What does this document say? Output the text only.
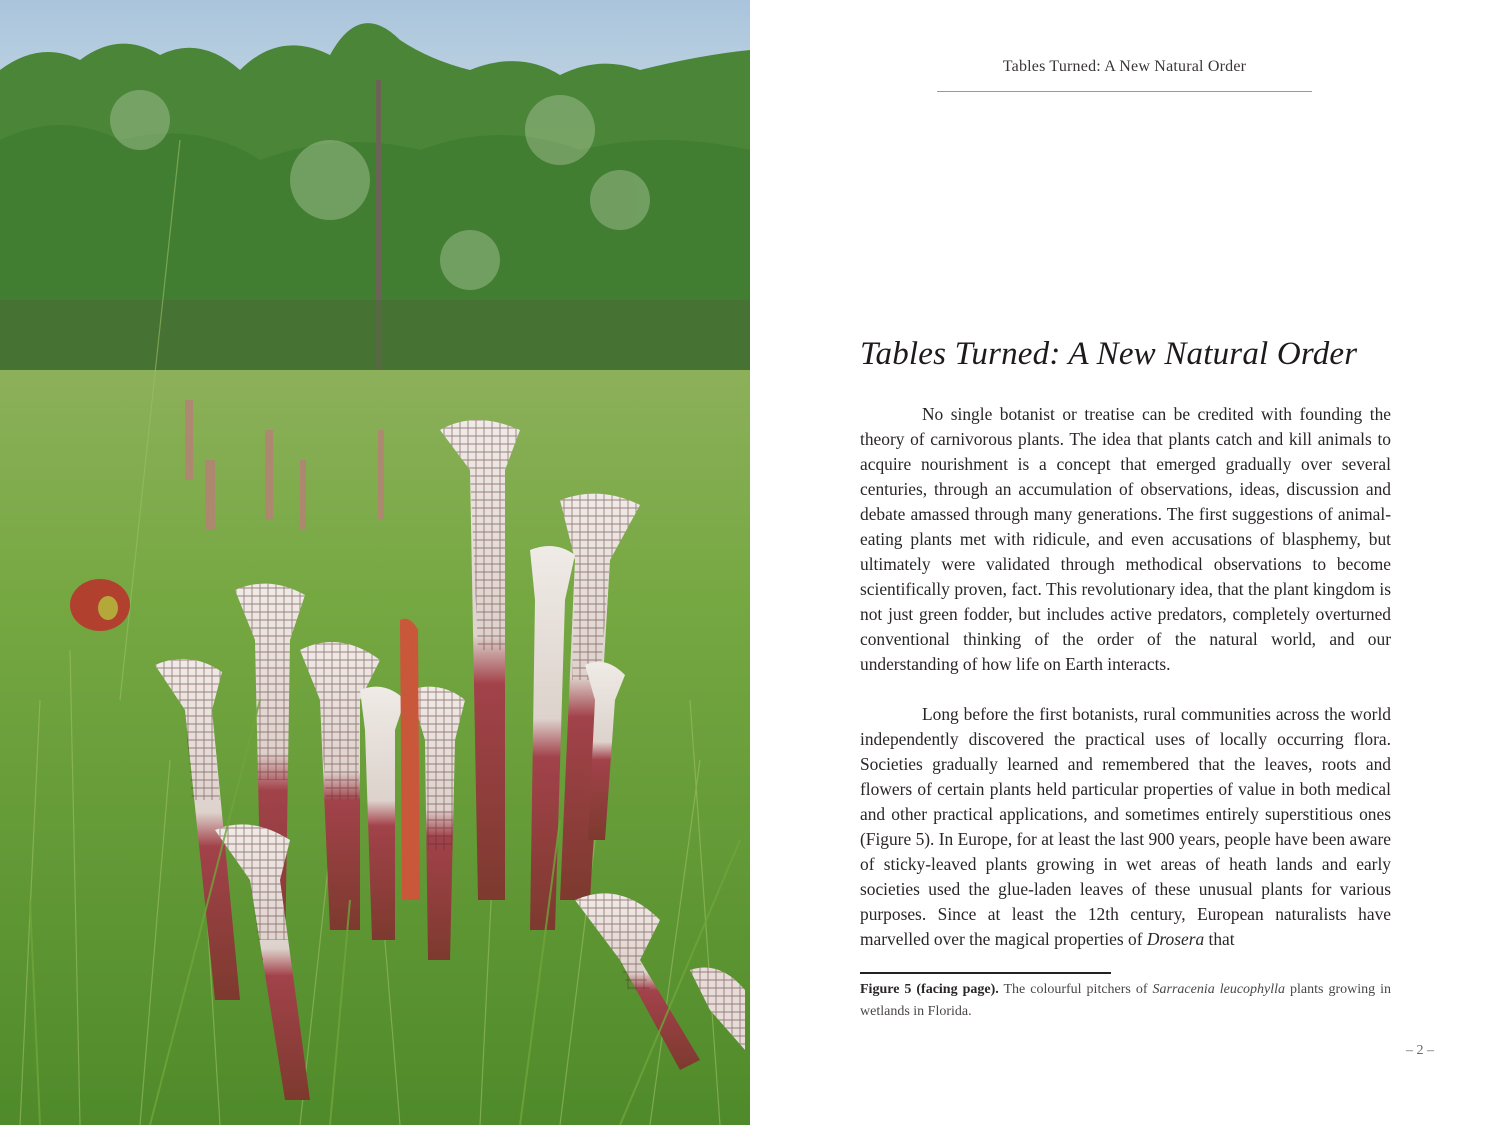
Tables Turned: A New Natural Order
Tables Turned: A New Natural Order

No single botanist or treatise can be credited with founding the theory of carnivorous plants. The idea that plants catch and kill animals to acquire nourishment is a concept that emerged gradually over several centuries, through an accumulation of observations, ideas, discussion and debate amassed through many generations. The first suggestions of animal-eating plants met with ridicule, and even accusations of blasphemy, but ultimately were validated through methodical observations to become scientifically proven, fact. This revolutionary idea, that the plant kingdom is not just green fodder, but includes active predators, completely overturned conventional thinking of the order of the natural world, and our understanding of how life on Earth interacts.

Long before the first botanists, rural communities across the world independently discovered the practical uses of locally occurring flora. Societies gradually learned and remembered that the leaves, roots and flowers of certain plants held particular properties of value in both medical and other practical applications, and sometimes entirely superstitious ones (Figure 5). In Europe, for at least the last 900 years, people have been aware of sticky-leaved plants growing in wet areas of heath lands and early societies used the glue-laden leaves of these unusual plants for various purposes. Since at least the 12th century, European naturalists have marvelled over the magical properties of Drosera that

Figure 5 (facing page). The colourful pitchers of Sarracenia leucophylla plants growing in wetlands in Florida.
– 2 –
